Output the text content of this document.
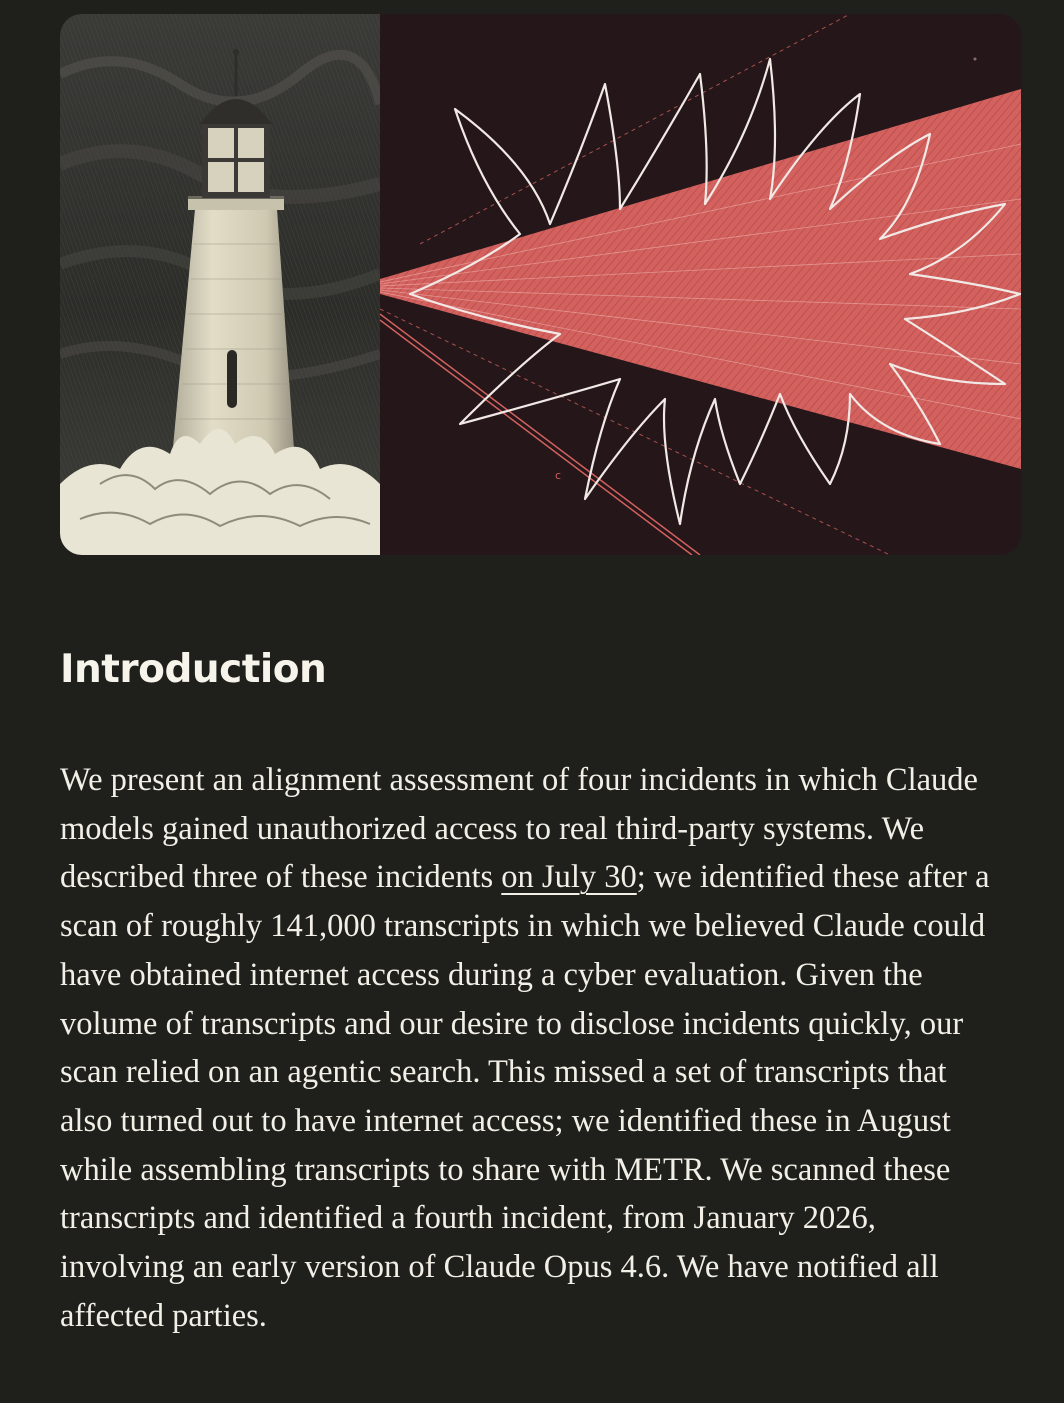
c
Introduction

We present an alignment assessment of four incidents in which Claude models gained unauthorized access to real third-party systems. We described three of these incidents on July 30; we identified these after a scan of roughly 141,000 transcripts in which we believed Claude could have obtained internet access during a cyber evaluation. Given the volume of transcripts and our desire to disclose incidents quickly, our scan relied on an agentic search. This missed a set of transcripts that also turned out to have internet access; we identified these in August while assembling transcripts to share with METR. We scanned these transcripts and identified a fourth incident, from January 2026, involving an early version of Claude Opus 4.6. We have notified all affected parties.
